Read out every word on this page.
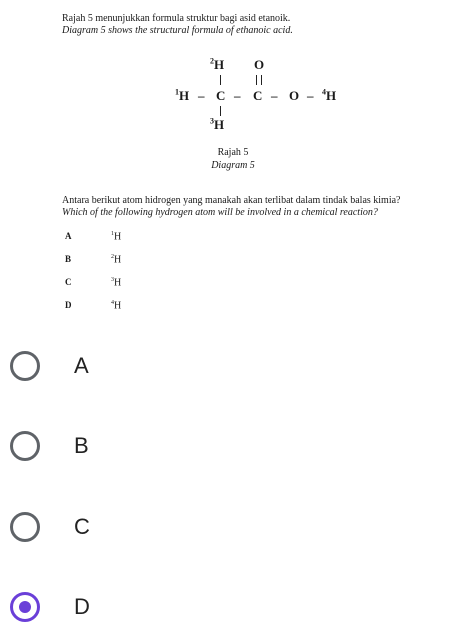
Rajah 5 menunjukkan formula struktur bagi asid etanoik.
Diagram 5 shows the structural formula of ethanoic acid.
$^2$H O
$^1$H – C – C – O – $^4$H
$^3$H
Rajah 5
Diagram 5
Antara berikut atom hidrogen yang manakah akan terlibat dalam tindak balas kimia?
Which of the following hydrogen atom will be involved in a chemical reaction?
A	$^1$H
B	$^2$H
C	$^3$H
D	$^4$H
A
B
C
D
